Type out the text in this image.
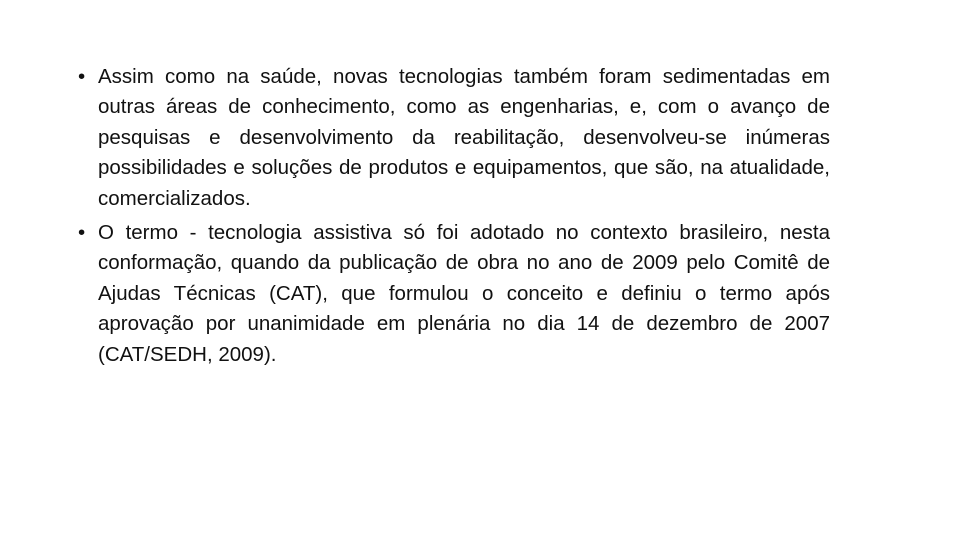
• Assim como na saúde, novas tecnologias também foram sedimentadas em outras áreas de conhecimento, como as engenharias, e, com o avanço de pesquisas e desenvolvimento da reabilitação, desenvolveu-se inúmeras possibilidades e soluções de produtos e equipamentos, que são, na atualidade, comercializados.
• O termo - tecnologia assistiva só foi adotado no contexto brasileiro, nesta conformação, quando da publicação de obra no ano de 2009 pelo Comitê de Ajudas Técnicas (CAT), que formulou o conceito e definiu o termo após aprovação por unanimidade em plenária no dia 14 de dezembro de 2007 (CAT/SEDH, 2009).
